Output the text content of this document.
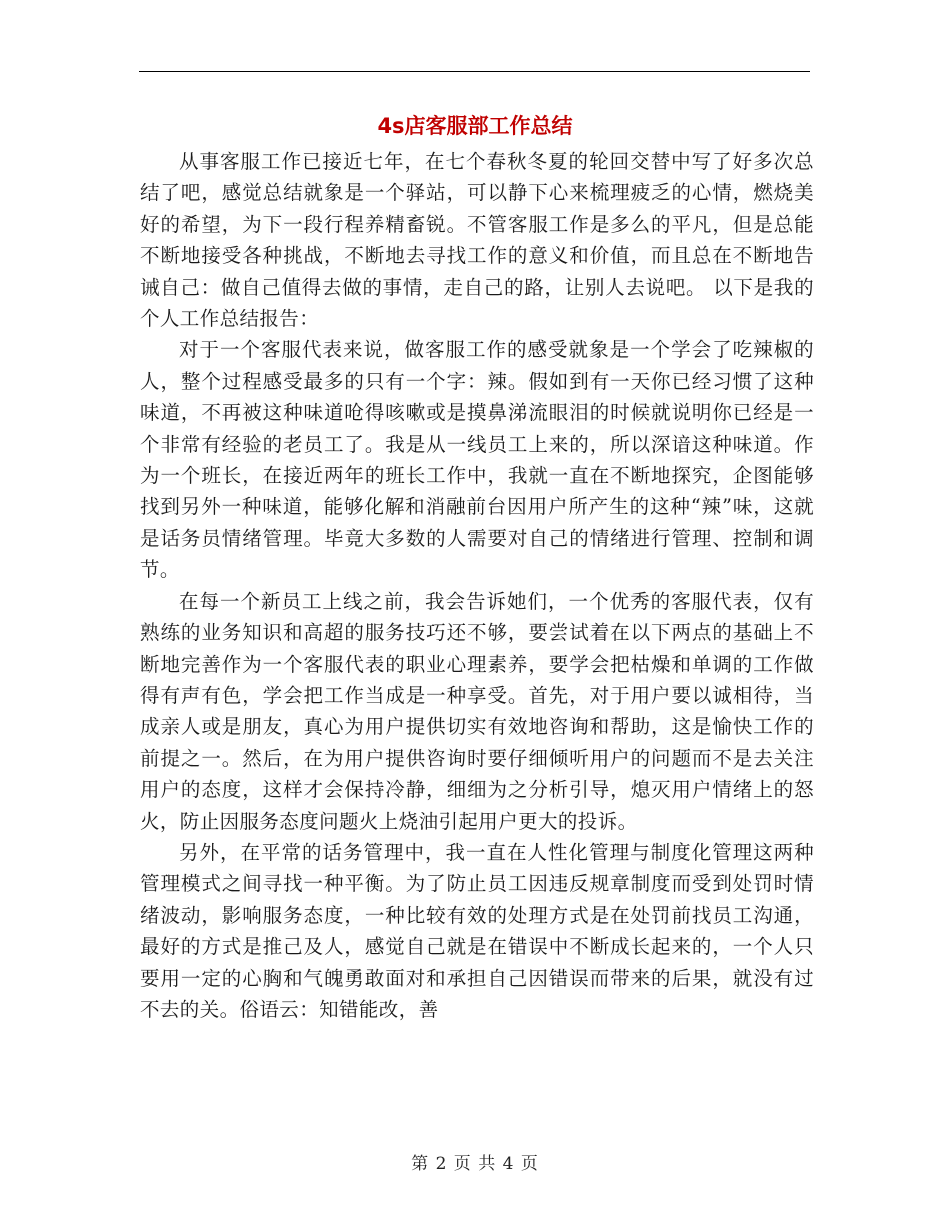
4s店客服部工作总结

从事客服工作已接近七年，在七个春秋冬夏的轮回交替中写了好多次总结了吧，感觉总结就象是一个驿站，可以静下心来梳理疲乏的心情，燃烧美好的希望，为下一段行程养精畜锐。不管客服工作是多么的平凡，但是总能不断地接受各种挑战，不断地去寻找工作的意义和价值，而且总在不断地告诫自己：做自己值得去做的事情，走自己的路，让别人去说吧。 以下是我的个人工作总结报告：

对于一个客服代表来说，做客服工作的感受就象是一个学会了吃辣椒的人，整个过程感受最多的只有一个字：辣。假如到有一天你已经习惯了这种味道，不再被这种味道呛得咳嗽或是摸鼻涕流眼泪的时候就说明你已经是一个非常有经验的老员工了。我是从一线员工上来的，所以深谙这种味道。作为一个班长，在接近两年的班长工作中，我就一直在不断地探究，企图能够找到另外一种味道，能够化解和消融前台因用户所产生的这种“辣”味，这就是话务员情绪管理。毕竟大多数的人需要对自己的情绪进行管理、控制和调节。

在每一个新员工上线之前，我会告诉她们，一个优秀的客服代表，仅有熟练的业务知识和高超的服务技巧还不够，要尝试着在以下两点的基础上不断地完善作为一个客服代表的职业心理素养，要学会把枯燥和单调的工作做得有声有色，学会把工作当成是一种享受。首先，对于用户要以诚相待，当成亲人或是朋友，真心为用户提供切实有效地咨询和帮助，这是愉快工作的前提之一。然后，在为用户提供咨询时要仔细倾听用户的问题而不是去关注用户的态度，这样才会保持冷静，细细为之分析引导，熄灭用户情绪上的怒火，防止因服务态度问题火上烧油引起用户更大的投诉。

另外，在平常的话务管理中，我一直在人性化管理与制度化管理这两种管理模式之间寻找一种平衡。为了防止员工因违反规章制度而受到处罚时情绪波动，影响服务态度，一种比较有效的处理方式是在处罚前找员工沟通，最好的方式是推己及人，感觉自己就是在错误中不断成长起来的，一个人只要用一定的心胸和气魄勇敢面对和承担自己因错误而带来的后果，就没有过不去的关。俗语云：知错能改，善

第 2 页 共 4 页
